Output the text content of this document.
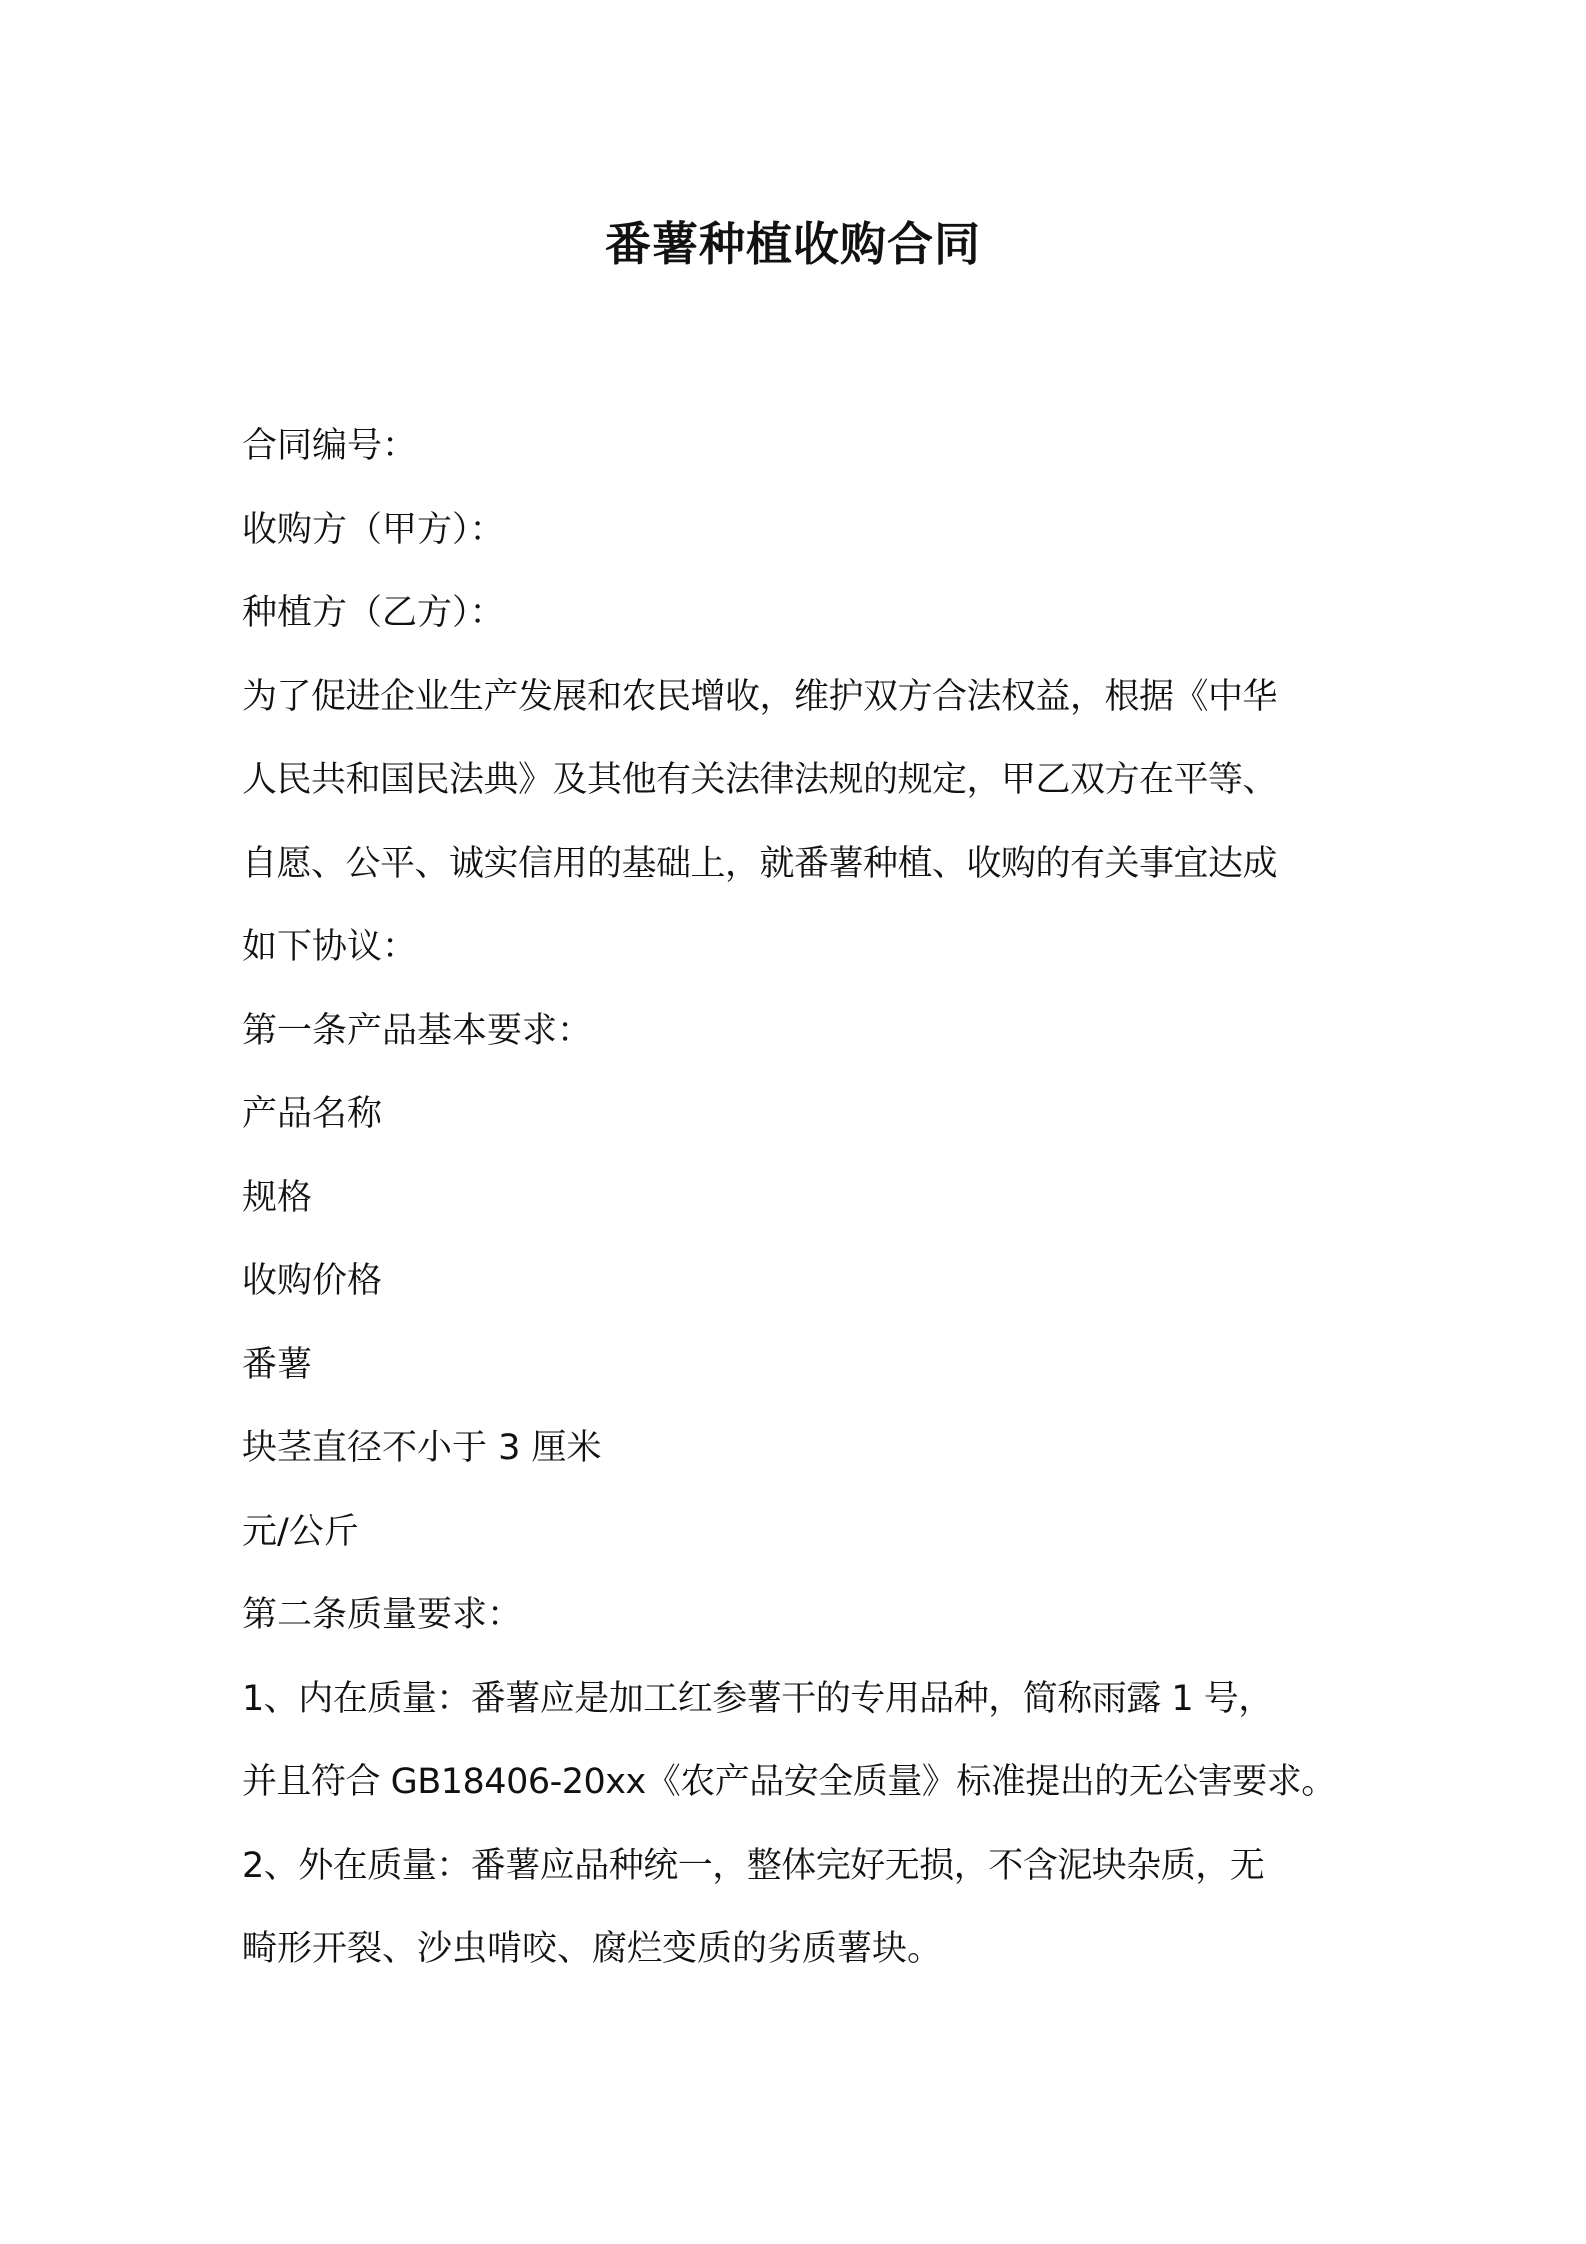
番薯种植收购合同
合同编号：
收购方（甲方）：
种植方（乙方）：
为了促进企业生产发展和农民增收，维护双方合法权益，根据《中华
人民共和国民法典》及其他有关法律法规的规定，甲乙双方在平等、
自愿、公平、诚实信用的基础上，就番薯种植、收购的有关事宜达成
如下协议：
第一条产品基本要求：
产品名称
规格
收购价格
番薯
块茎直径不小于 3 厘米
元/公斤
第二条质量要求：
1、内在质量：番薯应是加工红参薯干的专用品种，简称雨露 1 号，
并且符合 GB18406-20xx《农产品安全质量》标准提出的无公害要求。
2、外在质量：番薯应品种统一，整体完好无损，不含泥块杂质，无
畸形开裂、沙虫啃咬、腐烂变质的劣质薯块。
